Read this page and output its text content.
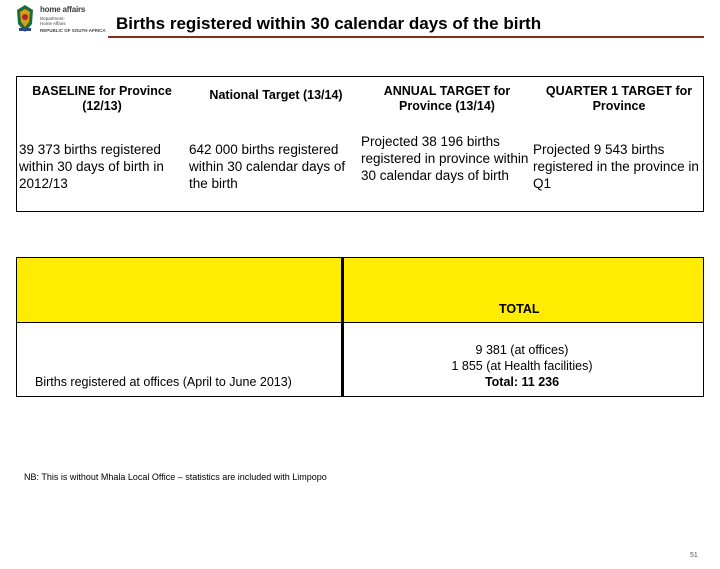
home affairs
Department:
Home Affairs
REPUBLIC OF SOUTH AFRICA Births registered within 30 calendar days of the birth
BASELINE for Province (12/13)
National Target (13/14)	ANNUAL TARGET for Province (13/14)
QUARTER 1 TARGET for Province
39 373 births registered within 30 days of birth in 2012/13
642 000 births registered within 30 calendar days of the birth
Projected 38 196 births registered in province within 30 calendar days of birth
Projected 9 543 births registered in the province in Q1
TOTAL
Births registered at offices (April to June 2013)
9 381 (at offices)
1 855 (at Health facilities)
Total: 11 236
NB: This is without Mhala Local Office – statistics are included with Limpopo
51
